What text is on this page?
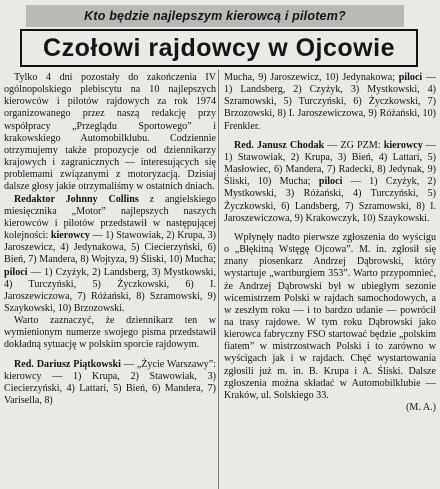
Kto będzie najlepszym kierowcą i pilotem?
Czołowi rajdowcy w Ojcowie

Tylko 4 dni pozostały do zakończenia IV ogólnopolskiego plebiscytu na 10 najlepszych kierowców i pilotów rajdowych za rok 1974 organizowanego przez naszą redakcję przy współpracy „Przeglądu Sportowego” i krakowskiego Automobilklubu. Codziennie otrzymujemy także propozycje od dziennikarzy krajowych i zagranicznych — interesujących się problemami związanymi z motoryzacją. Dzisiaj dalsze głosy jakie otrzymaliśmy w ostatnich dniach.

Redaktor Johnny Collins z angielskiego miesięcznika „Motor” najlepszych naszych kierowców i pilotów przedstawił w następującej kolejności: kierowcy — 1) Stawowiak, 2) Krupa, 3) Jaroszewicz, 4) Jedynakowa, 5) Ciecierzyński, 6) Bień, 7) Mandera, 8) Wojtyza, 9) Śliski, 10) Mucha; piloci — 1) Czyżyk, 2) Landsberg, 3) Mystkowski, 4) Turczyński, 5) Życzkowski, 6) I. Jaroszewiczowa, 7) Różański, 8) Szramowski, 9) Szaykowski, 10) Brzozowski.

Warto zaznaczyć, że dziennikarz ten w wymienionym numerze swojego pisma przedstawił dokładną sytuację w polskim sporcie rajdowym.

Red. Dariusz Piątkowski — „Życie Warszawy”: kierowcy — 1) Krupa, 2) Stawowiak, 3) Ciecierzyński, 4) Lattari, 5) Bień, 6) Mandera, 7) Varisella, 8)

Mucha, 9) Jaroszewicz, 10) Jedynakowa; piloci — 1) Landsberg, 2) Czyżyk, 3) Mystkowski, 4) Szramowski, 5) Turczyński, 6) Życzkowski, 7) Brzozowski, 8) I. Jaroszewiczowa, 9) Różański, 10) Frenkler.

Red. Janusz Chodak — ZG PZM: kierowcy — 1) Stawowiak, 2) Krupa, 3) Bień, 4) Lattari, 5) Masłowiec, 6) Mandera, 7) Radecki, 8) Jedynak, 9) Śliski, 10) Mucha; piloci — 1) Czyżyk, 2) Mystkowski, 3) Różański, 4) Turczyński, 5) Życzkowski, 6) Landsberg, 7) Szramowski, 8) I. Jaroszewiczowa, 9) Krakowczyk, 10) Szaykowski.

Wpłynęły nadto pierwsze zgłoszenia do wyścigu o „Błękitną Wstęgę Ojcowa”. M. in. zgłosił się znany piosenkarz Andrzej Dąbrowski, który wystartuje „wartburgiem 353”. Warto przypomnieć, że Andrzej Dąbrowski był w ubiegłym sezonie wicemistrzem Polski w rajdach samochodowych, a w zeszłym roku — i to bardzo udanie — powrócił na trasy rajdowe. W tym roku Dąbrowski jako kierowca fabryczny FSO startować będzie „polskim fiatem” w mistrzostwach Polski i to zarówno w wyścigach jak i w rajdach. Chęć wystartowania zgłosili już m. in. B. Krupa i A. Śliski. Dalsze zgłoszenia można składać w Automobilklubie — Kraków, ul. Solskiego 33.

(M. A.)
